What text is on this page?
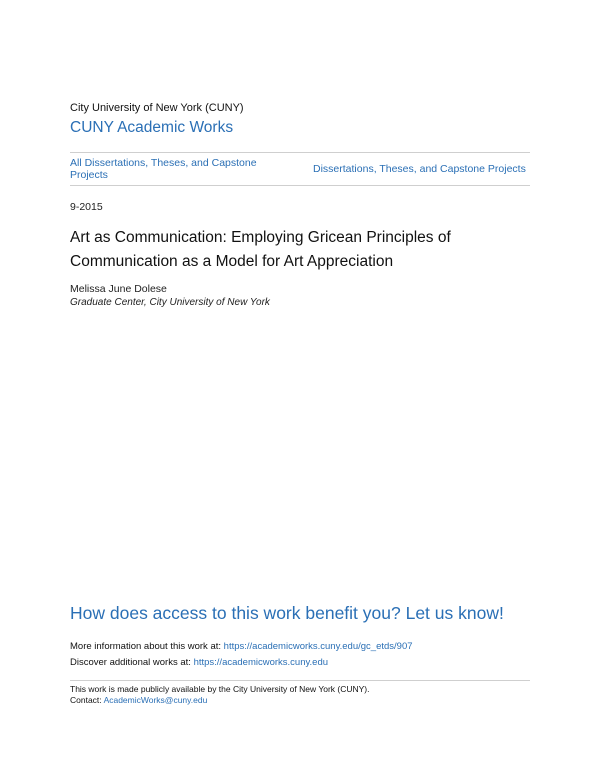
City University of New York (CUNY)
CUNY Academic Works
All Dissertations, Theses, and Capstone Projects	Dissertations, Theses, and Capstone Projects
9-2015
Art as Communication: Employing Gricean Principles of Communication as a Model for Art Appreciation
Melissa June Dolese
Graduate Center, City University of New York
How does access to this work benefit you? Let us know!
More information about this work at: https://academicworks.cuny.edu/gc_etds/907
Discover additional works at: https://academicworks.cuny.edu
This work is made publicly available by the City University of New York (CUNY).
Contact: AcademicWorks@cuny.edu
